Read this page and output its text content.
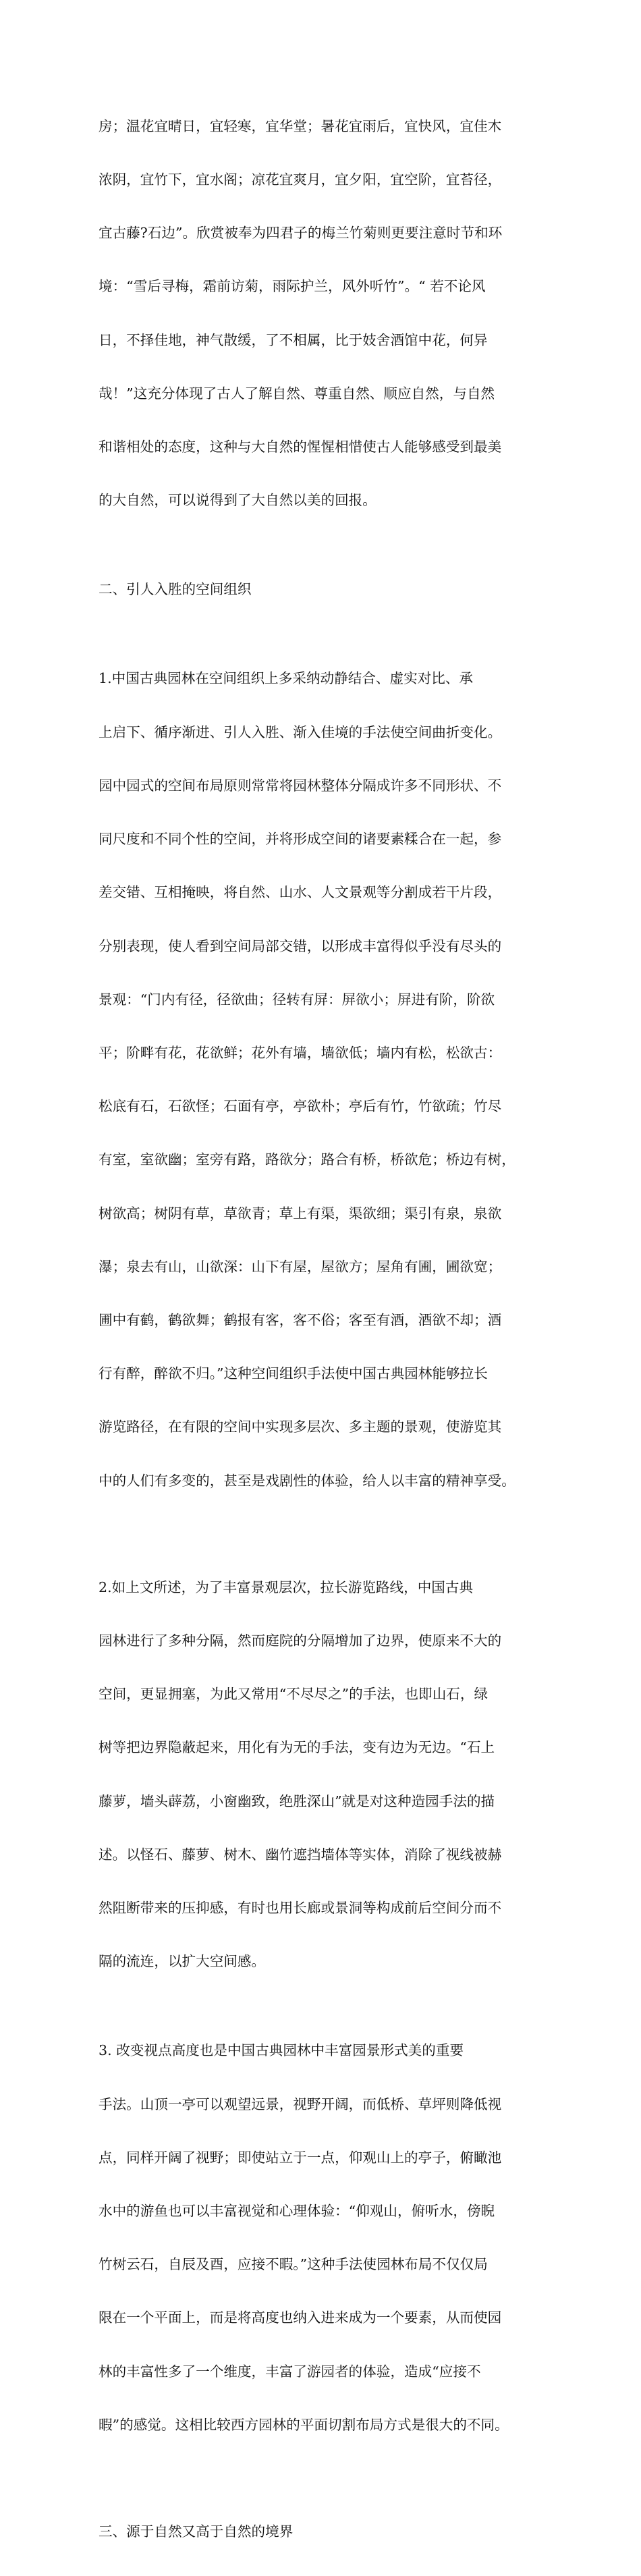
房；温花宜晴日，宜轻寒，宜华堂；暑花宜雨后，宜快风，宜佳木

浓阴，宜竹下，宜水阁；凉花宜爽月，宜夕阳，宜空阶，宜苔径，

宜古藤?石边”。欣赏被奉为四君子的梅兰竹菊则更要注意时节和环

境：“雪后寻梅，霜前访菊，雨际护兰，风外听竹”。“ 若不论风

日，不择佳地，神气散缓，了不相属，比于妓舍酒馆中花，何异

哉！”这充分体现了古人了解自然、尊重自然、顺应自然，与自然

和谐相处的态度，这种与大自然的惺惺相惜使古人能够感受到最美

的大自然，可以说得到了大自然以美的回报。

二、引人入胜的空间组织

1.中国古典园林在空间组织上多采纳动静结合、虚实对比、承

上启下、循序渐进、引人入胜、渐入佳境的手法使空间曲折变化。

园中园式的空间布局原则常常将园林整体分隔成许多不同形状、不

同尺度和不同个性的空间，并将形成空间的诸要素糅合在一起，参

差交错、互相掩映，将自然、山水、人文景观等分割成若干片段，

分别表现，使人看到空间局部交错，以形成丰富得似乎没有尽头的

景观：“门内有径，径欲曲；径转有屏：屏欲小；屏进有阶，阶欲

平；阶畔有花，花欲鲜；花外有墙，墙欲低；墙内有松，松欲古：

松底有石，石欲怪；石面有亭，亭欲朴；亭后有竹，竹欲疏；竹尽

有室，室欲幽；室旁有路，路欲分；路合有桥，桥欲危；桥边有树，

树欲高；树阴有草，草欲青；草上有渠，渠欲细；渠引有泉，泉欲

瀑；泉去有山，山欲深：山下有屋，屋欲方；屋角有圃，圃欲宽；

圃中有鹤，鹤欲舞；鹤报有客，客不俗；客至有酒，酒欲不却；酒

行有醉，醉欲不归。”这种空间组织手法使中国古典园林能够拉长

游览路径，在有限的空间中实现多层次、多主题的景观，使游览其

中的人们有多变的，甚至是戏剧性的体验，给人以丰富的精神享受。

2.如上文所述，为了丰富景观层次，拉长游览路线，中国古典

园林进行了多种分隔，然而庭院的分隔增加了边界，使原来不大的

空间，更显拥塞，为此又常用“不尽尽之”的手法，也即山石，绿

树等把边界隐蔽起来，用化有为无的手法，变有边为无边。“石上

藤萝，墙头薜荔，小窗幽致，绝胜深山”就是对这种造园手法的描

述。以怪石、藤萝、树木、幽竹遮挡墙体等实体，消除了视线被赫

然阻断带来的压抑感，有时也用长廊或景洞等构成前后空间分而不

隔的流连，以扩大空间感。

3. 改变视点高度也是中国古典园林中丰富园景形式美的重要

手法。山顶一亭可以观望远景，视野开阔，而低桥、草坪则降低视

点，同样开阔了视野；即使站立于一点，仰观山上的亭子，俯瞰池

水中的游鱼也可以丰富视觉和心理体验：“仰观山，俯听水，傍睨

竹树云石，自辰及酉，应接不暇。”这种手法使园林布局不仅仅局

限在一个平面上，而是将高度也纳入进来成为一个要素，从而使园

林的丰富性多了一个维度，丰富了游园者的体验，造成“应接不

暇”的感觉。这相比较西方园林的平面切割布局方式是很大的不同。

三、源于自然又高于自然的境界
